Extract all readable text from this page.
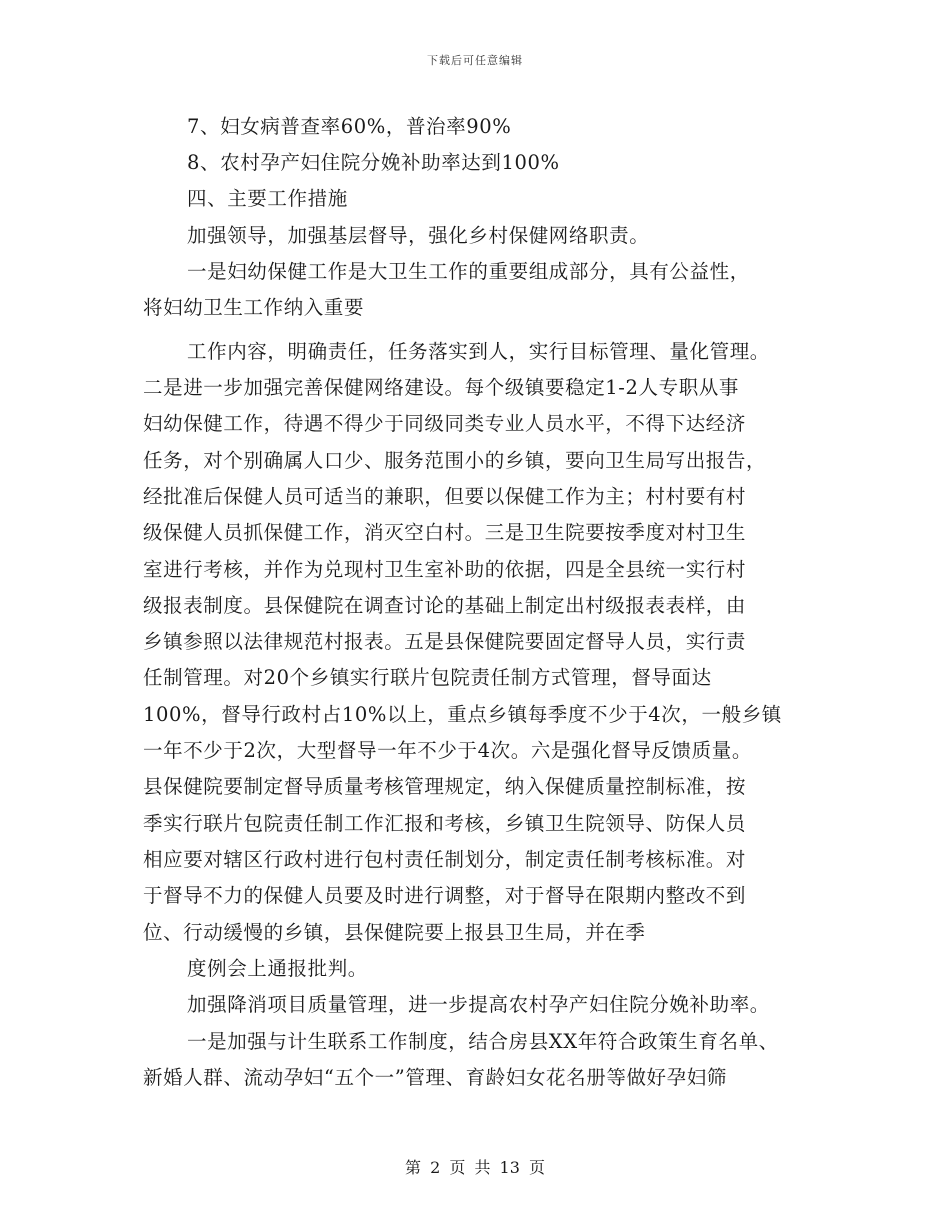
下载后可任意编辑
7、妇女病普查率60%，普治率90%
8、农村孕产妇住院分娩补助率达到100%
四、主要工作措施
加强领导，加强基层督导，强化乡村保健网络职责。
一是妇幼保健工作是大卫生工作的重要组成部分，具有公益性，
将妇幼卫生工作纳入重要
工作内容，明确责任，任务落实到人，实行目标管理、量化管理。
二是进一步加强完善保健网络建设。每个级镇要稳定1-2人专职从事
妇幼保健工作，待遇不得少于同级同类专业人员水平，不得下达经济
任务，对个别确属人口少、服务范围小的乡镇，要向卫生局写出报告，
经批准后保健人员可适当的兼职，但要以保健工作为主；村村要有村
级保健人员抓保健工作，消灭空白村。三是卫生院要按季度对村卫生
室进行考核，并作为兑现村卫生室补助的依据，四是全县统一实行村
级报表制度。县保健院在调查讨论的基础上制定出村级报表表样，由
乡镇参照以法律规范村报表。五是县保健院要固定督导人员，实行责
任制管理。对20个乡镇实行联片包院责任制方式管理，督导面达
100%，督导行政村占10%以上，重点乡镇每季度不少于4次，一般乡镇
一年不少于2次，大型督导一年不少于4次。六是强化督导反馈质量。
县保健院要制定督导质量考核管理规定，纳入保健质量控制标准，按
季实行联片包院责任制工作汇报和考核，乡镇卫生院领导、防保人员
相应要对辖区行政村进行包村责任制划分，制定责任制考核标准。对
于督导不力的保健人员要及时进行调整，对于督导在限期内整改不到
位、行动缓慢的乡镇，县保健院要上报县卫生局，并在季
度例会上通报批判。
加强降消项目质量管理，进一步提高农村孕产妇住院分娩补助率。
一是加强与计生联系工作制度，结合房县XX年符合政策生育名单、
新婚人群、流动孕妇“五个一”管理、育龄妇女花名册等做好孕妇筛
第 2 页 共 13 页
